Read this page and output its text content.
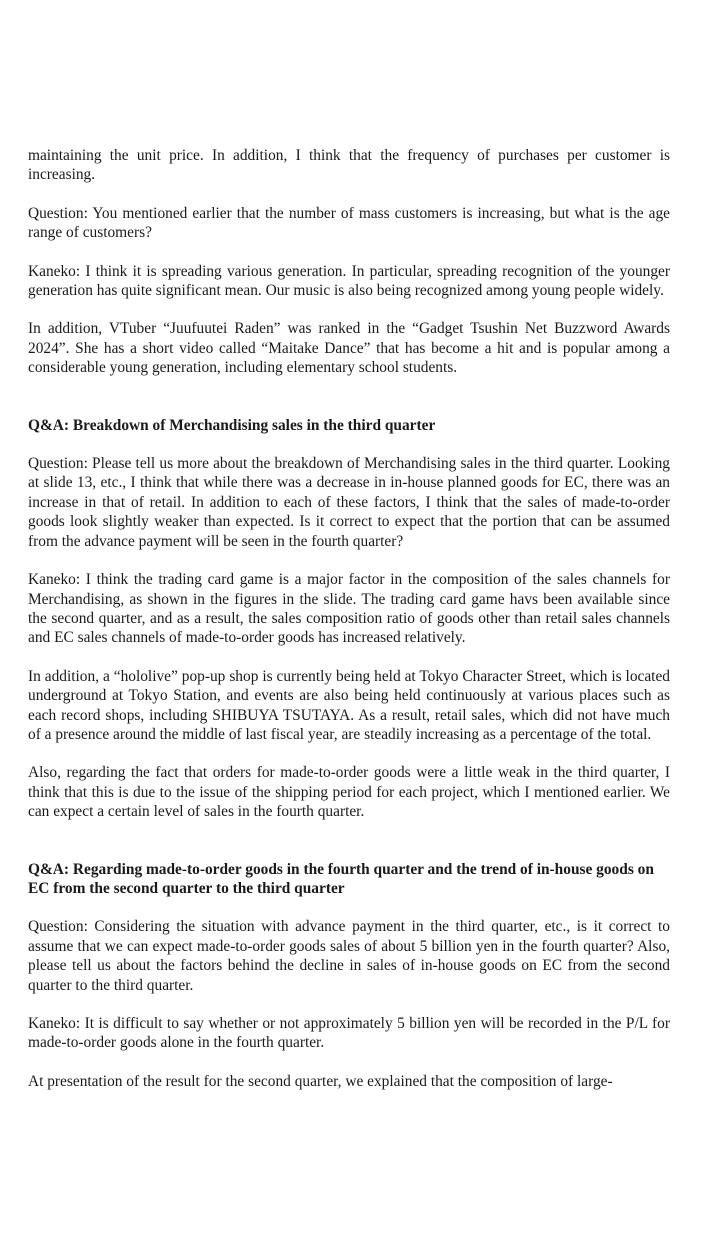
maintaining the unit price. In addition, I think that the frequency of purchases per customer is increasing.

Question: You mentioned earlier that the number of mass customers is increasing, but what is the age range of customers?

Kaneko: I think it is spreading various generation. In particular, spreading recognition of the younger generation has quite significant mean. Our music is also being recognized among young people widely.

In addition, VTuber “Juufuutei Raden” was ranked in the “Gadget Tsushin Net Buzzword Awards 2024”. She has a short video called “Maitake Dance” that has become a hit and is popular among a considerable young generation, including elementary school students.

Q&A: Breakdown of Merchandising sales in the third quarter

Question: Please tell us more about the breakdown of Merchandising sales in the third quarter. Looking at slide 13, etc., I think that while there was a decrease in in-house planned goods for EC, there was an increase in that of retail. In addition to each of these factors, I think that the sales of made-to-order goods look slightly weaker than expected. Is it correct to expect that the portion that can be assumed from the advance payment will be seen in the fourth quarter?

Kaneko: I think the trading card game is a major factor in the composition of the sales channels for Merchandising, as shown in the figures in the slide. The trading card game havs been available since the second quarter, and as a result, the sales composition ratio of goods other than retail sales channels and EC sales channels of made-to-order goods has increased relatively.

In addition, a “hololive” pop-up shop is currently being held at Tokyo Character Street, which is located underground at Tokyo Station, and events are also being held continuously at various places such as each record shops, including SHIBUYA TSUTAYA. As a result, retail sales, which did not have much of a presence around the middle of last fiscal year, are steadily increasing as a percentage of the total.

Also, regarding the fact that orders for made-to-order goods were a little weak in the third quarter, I think that this is due to the issue of the shipping period for each project, which I mentioned earlier. We can expect a certain level of sales in the fourth quarter.

Q&A: Regarding made-to-order goods in the fourth quarter and the trend of in-house goods on EC from the second quarter to the third quarter

Question: Considering the situation with advance payment in the third quarter, etc., is it correct to assume that we can expect made-to-order goods sales of about 5 billion yen in the fourth quarter? Also, please tell us about the factors behind the decline in sales of in-house goods on EC from the second quarter to the third quarter.

Kaneko: It is difficult to say whether or not approximately 5 billion yen will be recorded in the P/L for made-to-order goods alone in the fourth quarter.

At presentation of the result for the second quarter, we explained that the composition of large-
